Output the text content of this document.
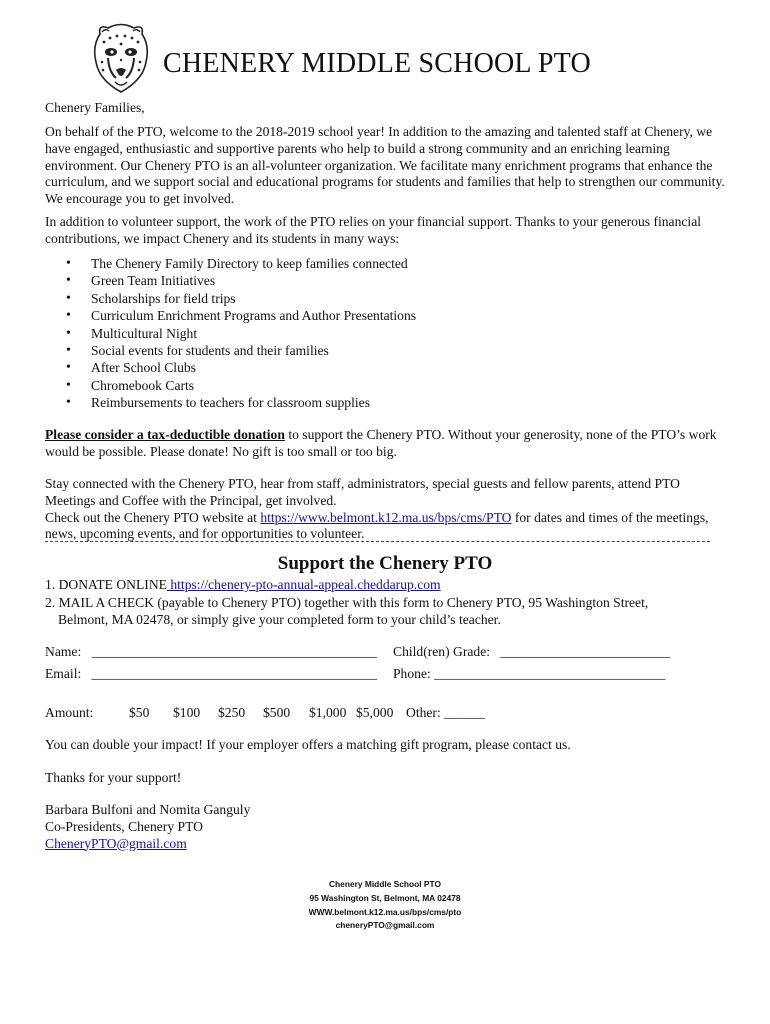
CHENERY MIDDLE SCHOOL PTO
Chenery Families,
On behalf of the PTO, welcome to the 2018-2019 school year! In addition to the amazing and talented staff at Chenery, we have engaged, enthusiastic and supportive parents who help to build a strong community and an enriching learning environment. Our Chenery PTO is an all-volunteer organization. We facilitate many enrichment programs that enhance the curriculum, and we support social and educational programs for students and families that help to strengthen our community. We encourage you to get involved.
In addition to volunteer support, the work of the PTO relies on your financial support. Thanks to your generous financial contributions, we impact Chenery and its students in many ways:
• The Chenery Family Directory to keep families connected
• Green Team Initiatives
• Scholarships for field trips
• Curriculum Enrichment Programs and Author Presentations
• Multicultural Night
• Social events for students and their families
• After School Clubs
• Chromebook Carts
• Reimbursements to teachers for classroom supplies
Please consider a tax-deductible donation to support the Chenery PTO. Without your generosity, none of the PTO’s work would be possible. Please donate! No gift is too small or too big.
Stay connected with the Chenery PTO, hear from staff, administrators, special guests and fellow parents, attend PTO Meetings and Coffee with the Principal, get involved.
Check out the Chenery PTO website at https://www.belmont.k12.ma.us/bps/cms/PTO for dates and times of the meetings, news, upcoming events, and for opportunities to volunteer.
Support the Chenery PTO
1. DONATE ONLINE https://chenery-pto-annual-appeal.cheddarup.com
2. MAIL A CHECK (payable to Chenery PTO) together with this form to Chenery PTO, 95 Washington Street,
Belmont, MA 02478, or simply give your completed form to your child’s teacher.
Name: __________________________________________ Child(ren) Grade: _________________________
Email: __________________________________________ Phone: __________________________________
Amount:	$50 $100 $250 $500 $1,000 $5,000 Other: ______
You can double your impact! If your employer offers a matching gift program, please contact us.
Thanks for your support!
Barbara Bulfoni and Nomita Ganguly
Co-Presidents, Chenery PTO
CheneryPTO@gmail.com
Chenery Middle School PTO
95 Washington St, Belmont, MA 02478
WWW.belmont.k12.ma.us/bps/cms/pto
cheneryPTO@gmail.com
